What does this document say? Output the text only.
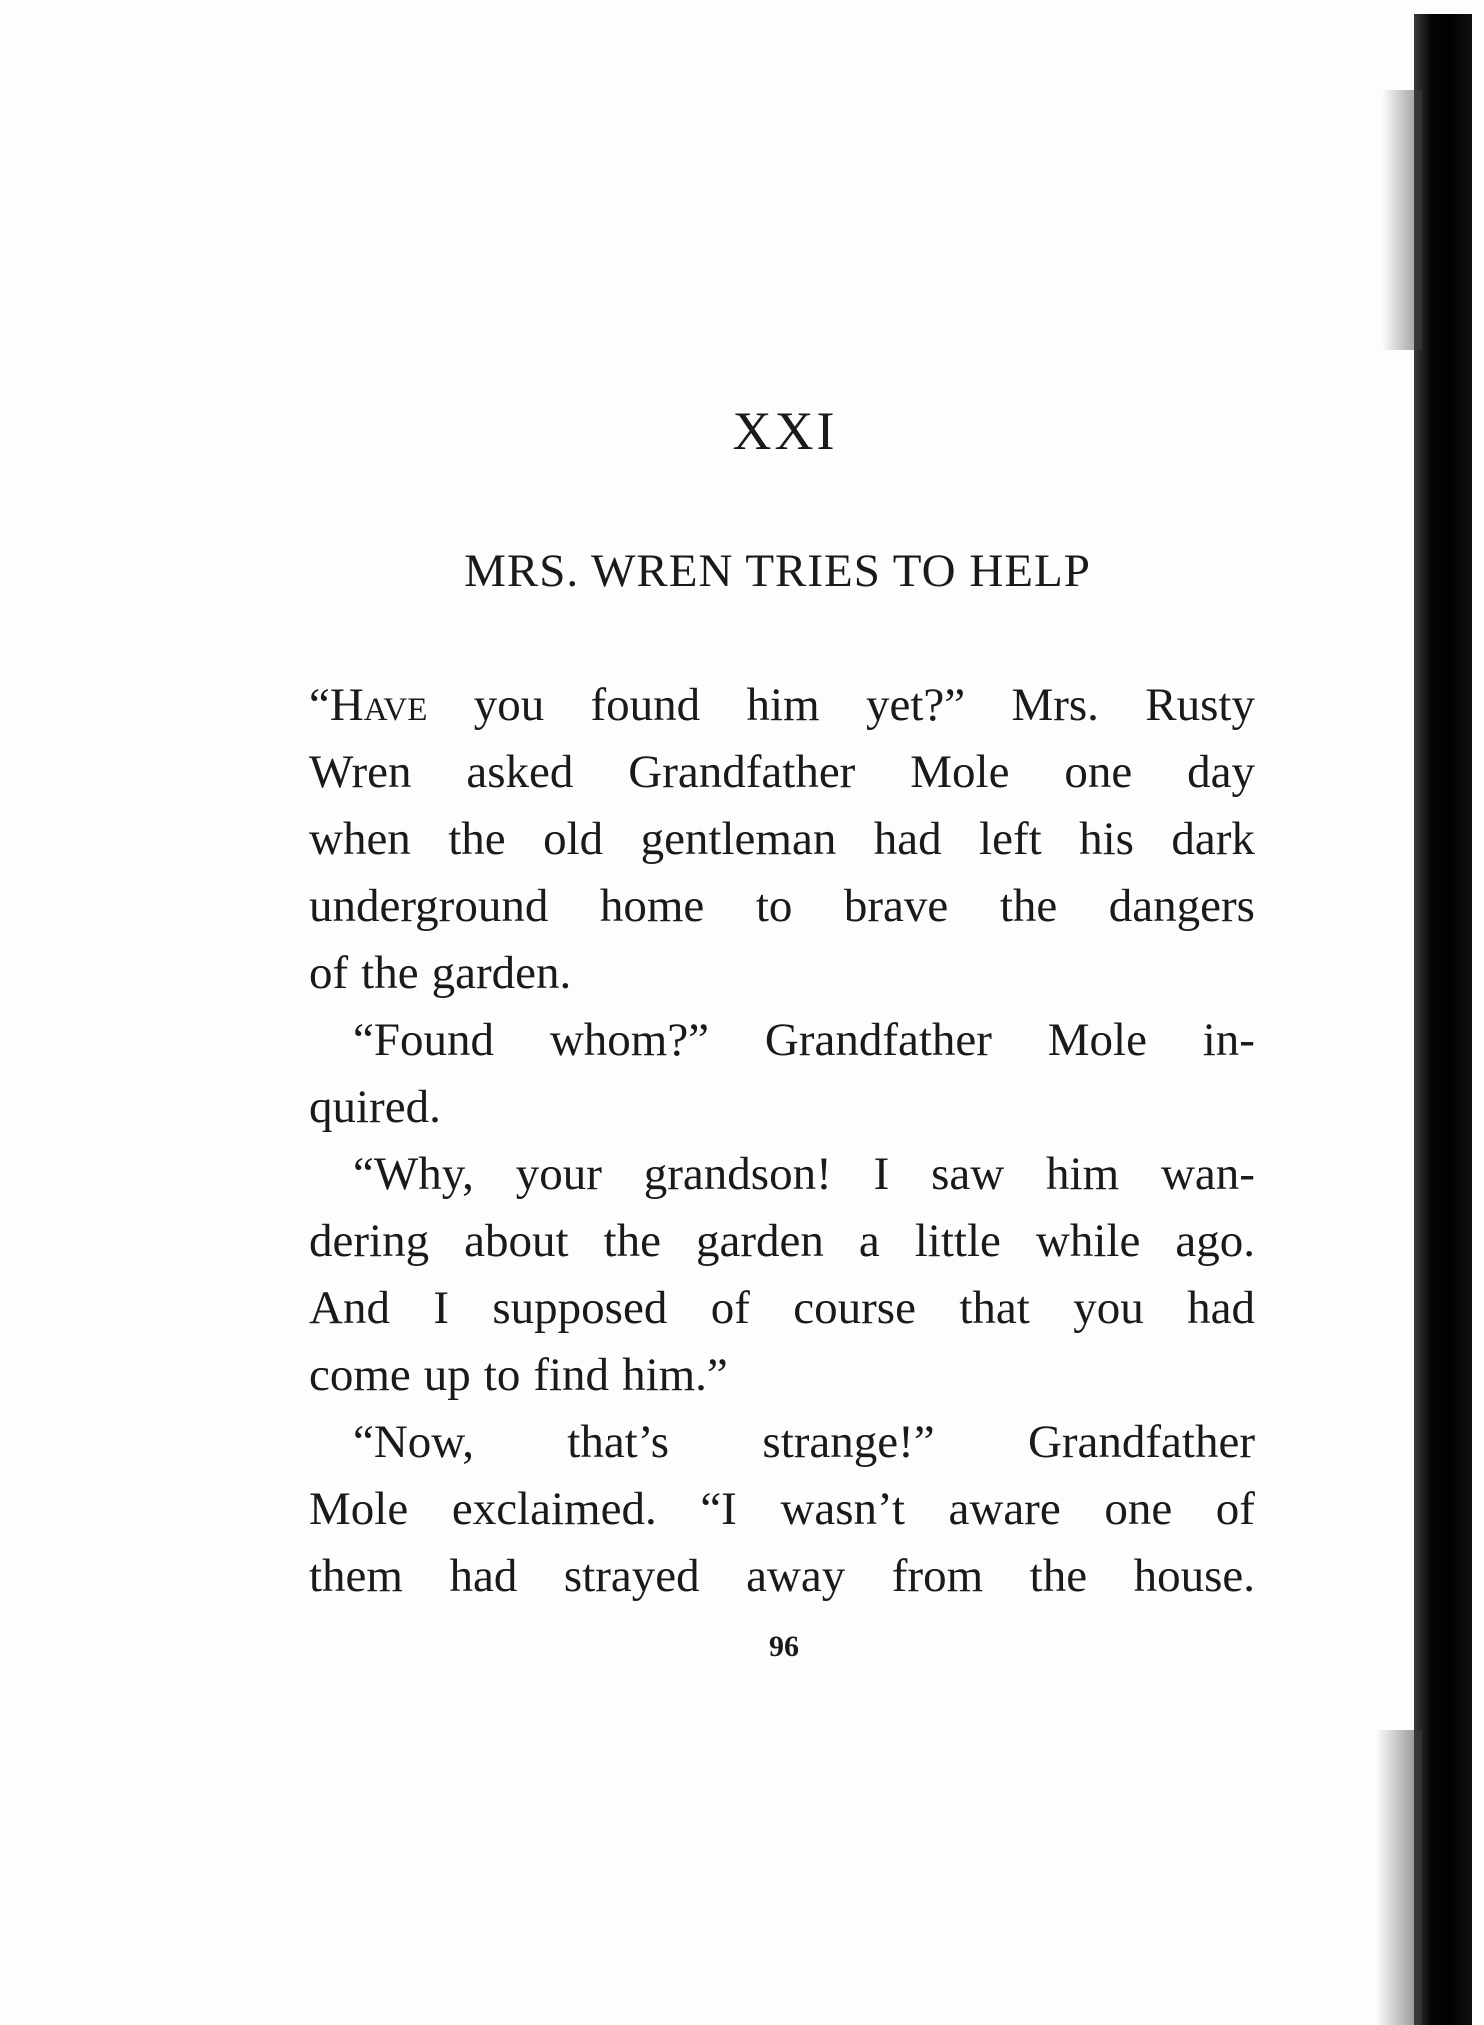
XXI
MRS. WREN TRIES TO HELP
“Have you found him yet?” Mrs. Rusty
Wren asked Grandfather Mole one day
when the old gentleman had left his dark
underground home to brave the dangers
of the garden.
“Found whom?” Grandfather Mole in-
quired.
“Why, your grandson! I saw him wan-
dering about the garden a little while ago.
And I supposed of course that you had
come up to find him.”
“Now, that’s strange!” Grandfather
Mole exclaimed. “I wasn’t aware one of
them had strayed away from the house.
96
